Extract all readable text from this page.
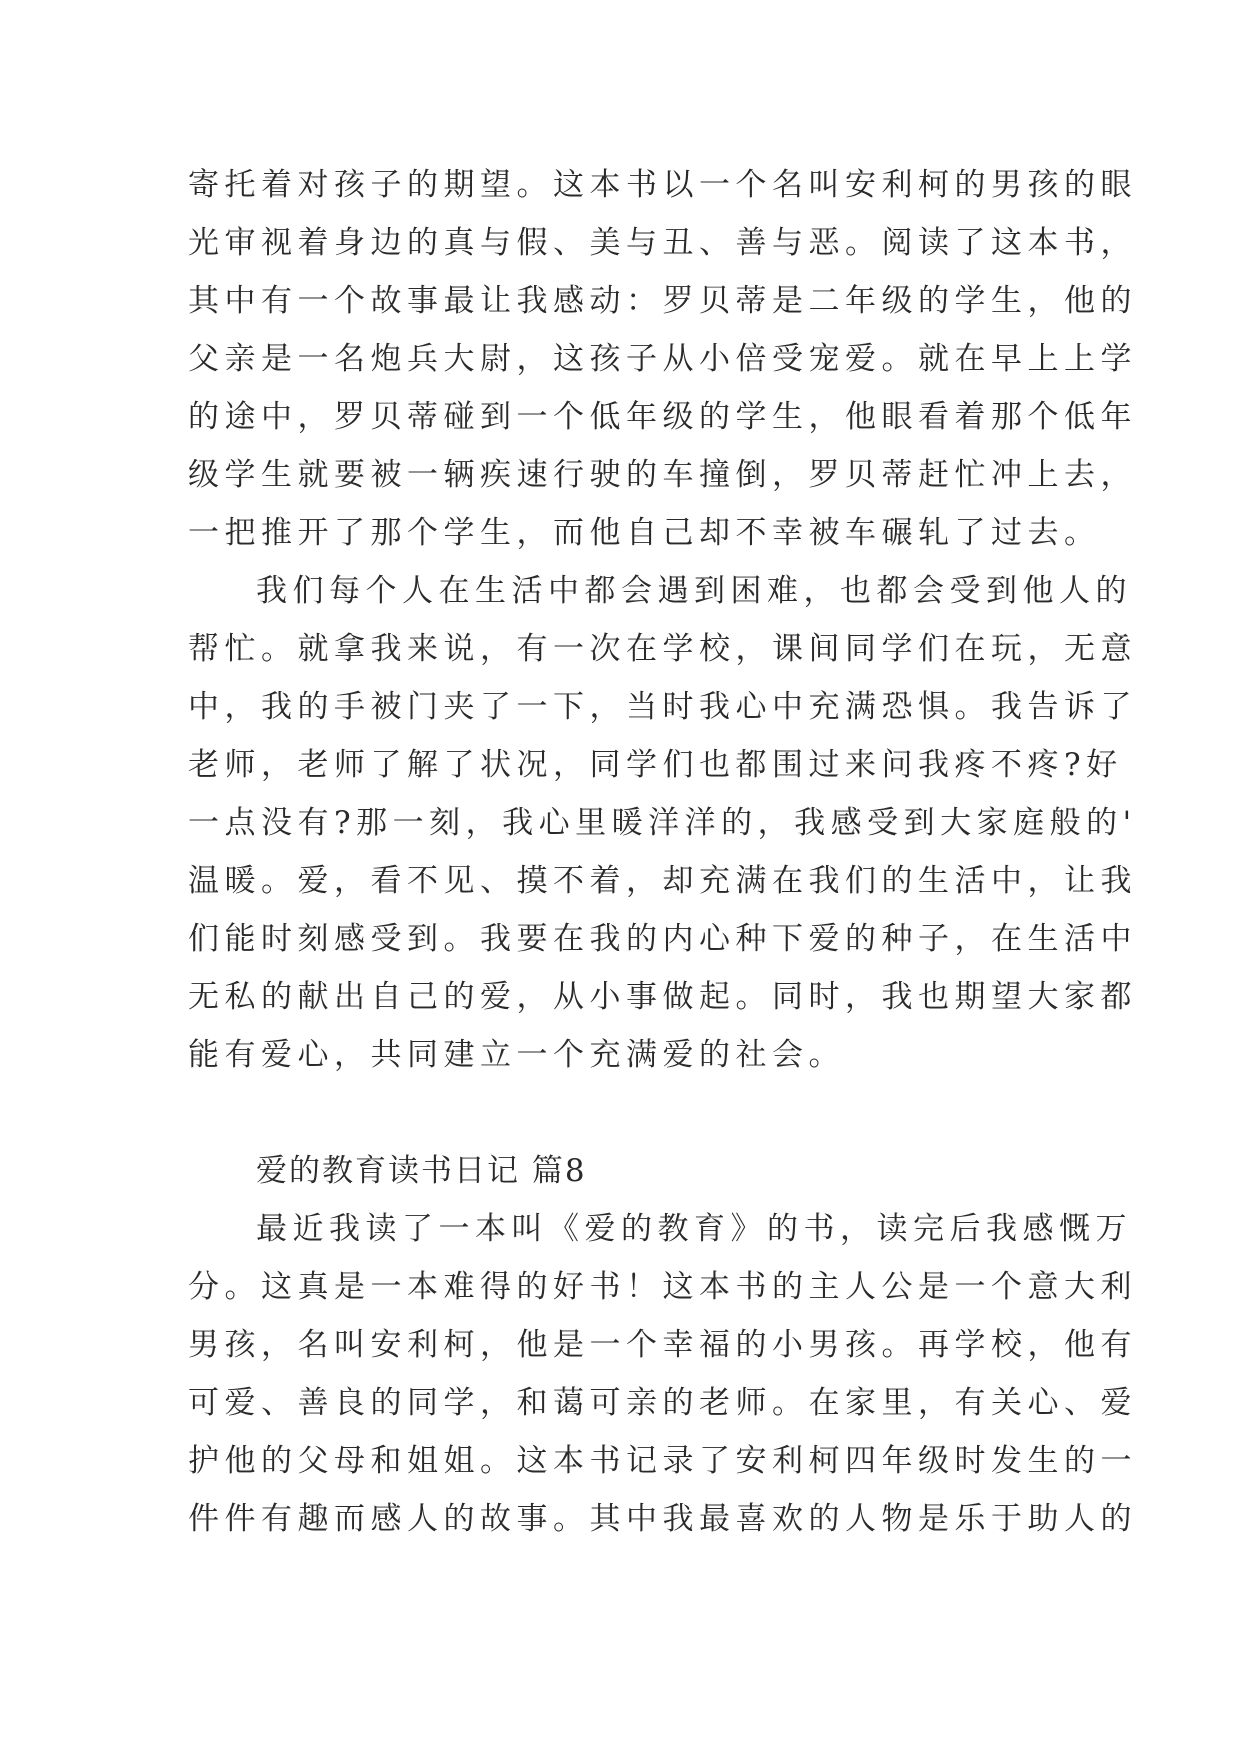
寄托着对孩子的期望。这本书以一个名叫安利柯的男孩的眼
光审视着身边的真与假、美与丑、善与恶。阅读了这本书，
其中有一个故事最让我感动：罗贝蒂是二年级的学生，他的
父亲是一名炮兵大尉，这孩子从小倍受宠爱。就在早上上学
的途中，罗贝蒂碰到一个低年级的学生，他眼看着那个低年
级学生就要被一辆疾速行驶的车撞倒，罗贝蒂赶忙冲上去，
一把推开了那个学生，而他自己却不幸被车碾轧了过去。
我们每个人在生活中都会遇到困难，也都会受到他人的
帮忙。就拿我来说，有一次在学校，课间同学们在玩，无意
中，我的手被门夹了一下，当时我心中充满恐惧。我告诉了
老师，老师了解了状况，同学们也都围过来问我疼不疼?好
一点没有?那一刻，我心里暖洋洋的，我感受到大家庭般的'
温暖。爱，看不见、摸不着，却充满在我们的生活中，让我
们能时刻感受到。我要在我的内心种下爱的种子，在生活中
无私的献出自己的爱，从小事做起。同时，我也期望大家都
能有爱心，共同建立一个充满爱的社会。
爱的教育读书日记 篇8
最近我读了一本叫《爱的教育》的书，读完后我感慨万
分。这真是一本难得的好书！这本书的主人公是一个意大利
男孩，名叫安利柯，他是一个幸福的小男孩。再学校，他有
可爱、善良的同学，和蔼可亲的老师。在家里，有关心、爱
护他的父母和姐姐。这本书记录了安利柯四年级时发生的一
件件有趣而感人的故事。其中我最喜欢的人物是乐于助人的
